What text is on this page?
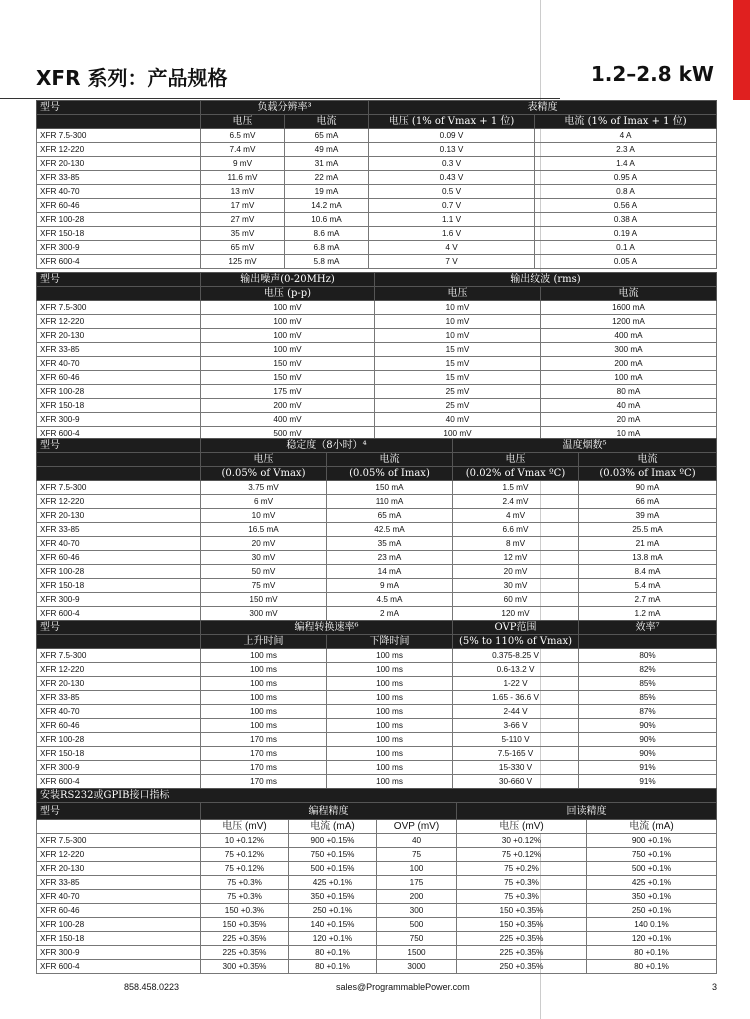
XFR 系列：产品规格	1.2–2.8 kW
型号	负载分辨率³		表精度	
	电压	电流	电压 (1% of Vmax + 1 位)	电流 (1% of Imax + 1 位)
XFR 7.5-300	6.5 mV	65 mA	0.09 V	4 A
XFR 12-220	7.4 mV	49 mA	0.13 V	2.3 A
XFR 20-130	9 mV	31 mA	0.3 V	1.4 A
XFR 33-85	11.6 mV	22 mA	0.43 V	0.95 A
XFR 40-70	13 mV	19 mA	0.5 V	0.8 A
XFR 60-46	17 mV	14.2 mA	0.7 V	0.56 A
XFR 100-28	27 mV	10.6 mA	1.1 V	0.38 A
XFR 150-18	35 mV	8.6 mA	1.6 V	0.19 A
XFR 300-9	65 mV	6.8 mA	4 V	0.1 A
XFR 600-4	125 mV	5.8 mA	7 V	0.05 A
型号	输出噪声(0-20MHz)	输出纹波 (rms)	
	电压 (p-p)	电压	电流
XFR 7.5-300	100 mV	10 mV	1600 mA
XFR 12-220	100 mV	10 mV	1200 mA
XFR 20-130	100 mV	10 mV	400 mA
XFR 33-85	100 mV	15 mV	300 mA
XFR 40-70	150 mV	15 mV	200 mA
XFR 60-46	150 mV	15 mV	100 mA
XFR 100-28	175 mV	25 mV	80 mA
XFR 150-18	200 mV	25 mV	40 mA
XFR 300-9	400 mV	40 mV	20 mA
XFR 600-4	500 mV	100 mV	10 mA
型号	稳定度（8小时）⁴		温度烟数⁵	
	电压	电流	电压	电流
	(0.05% of Vmax)	(0.05% of Imax)	(0.02% of Vmax ºC)	(0.03% of Imax ºC)
XFR 7.5-300	3.75 mV	150 mA	1.5 mV	90 mA
XFR 12-220	6 mV	110 mA	2.4 mV	66 mA
XFR 20-130	10 mV	65 mA	4 mV	39 mA
XFR 33-85	16.5 mA	42.5 mA	6.6 mV	25.5 mA
XFR 40-70	20 mV	35 mA	8 mV	21 mA
XFR 60-46	30 mV	23 mA	12 mV	13.8 mA
XFR 100-28	50 mV	14 mA	20 mV	8.4 mA
XFR 150-18	75 mV	9 mA	30 mV	5.4 mA
XFR 300-9	150 mV	4.5 mA	60 mV	2.7 mA
XFR 600-4	300 mV	2 mA	120 mV	1.2 mA
型号	编程转换速率⁶		OVP范围	效率⁷
	上升时间	下降时间	(5% to 110% of Vmax)	
XFR 7.5-300	100 ms	100 ms	0.375-8.25 V	80%
XFR 12-220	100 ms	100 ms	0.6-13.2 V	82%
XFR 20-130	100 ms	100 ms	1-22 V	85%
XFR 33-85	100 ms	100 ms	1.65 - 36.6 V	85%
XFR 40-70	100 ms	100 ms	2-44 V	87%
XFR 60-46	100 ms	100 ms	3-66 V	90%
XFR 100-28	170 ms	100 ms	5-110 V	90%
XFR 150-18	170 ms	100 ms	7.5-165 V	90%
XFR 300-9	170 ms	100 ms	15-330 V	91%
XFR 600-4	170 ms	100 ms	30-660 V	91%
安装RS232或GPIB接口指标					
型号	编程精度			回读精度	
	电压 (mV)	电流 (mA)	OVP (mV)	电压 (mV)	电流 (mA)
XFR 7.5-300	10 +0.12%	900 +0.15%	40	30 +0.12%	900 +0.1%
XFR 12-220	75 +0.12%	750 +0.15%	75	75 +0.12%	750 +0.1%
XFR 20-130	75 +0.12%	500 +0.15%	100	75 +0.2%	500 +0.1%
XFR 33-85	75 +0.3%	425 +0.1%	175	75 +0.3%	425 +0.1%
XFR 40-70	75 +0.3%	350 +0.15%	200	75 +0.3%	350 +0.1%
XFR 60-46	150 +0.3%	250 +0.1%	300	150 +0.35%	250 +0.1%
XFR 100-28	150 +0.35%	140 +0.15%	500	150 +0.35%	140 0.1%
XFR 150-18	225 +0.35%	120 +0.1%	750	225 +0.35%	120 +0.1%
XFR 300-9	225 +0.35%	80 +0.1%	1500	225 +0.35%	80 +0.1%
XFR 600-4	300 +0.35%	80 +0.1%	3000	250 +0.35%	80 +0.1%
858.458.0223	sales@ProgrammablePower.com	3
